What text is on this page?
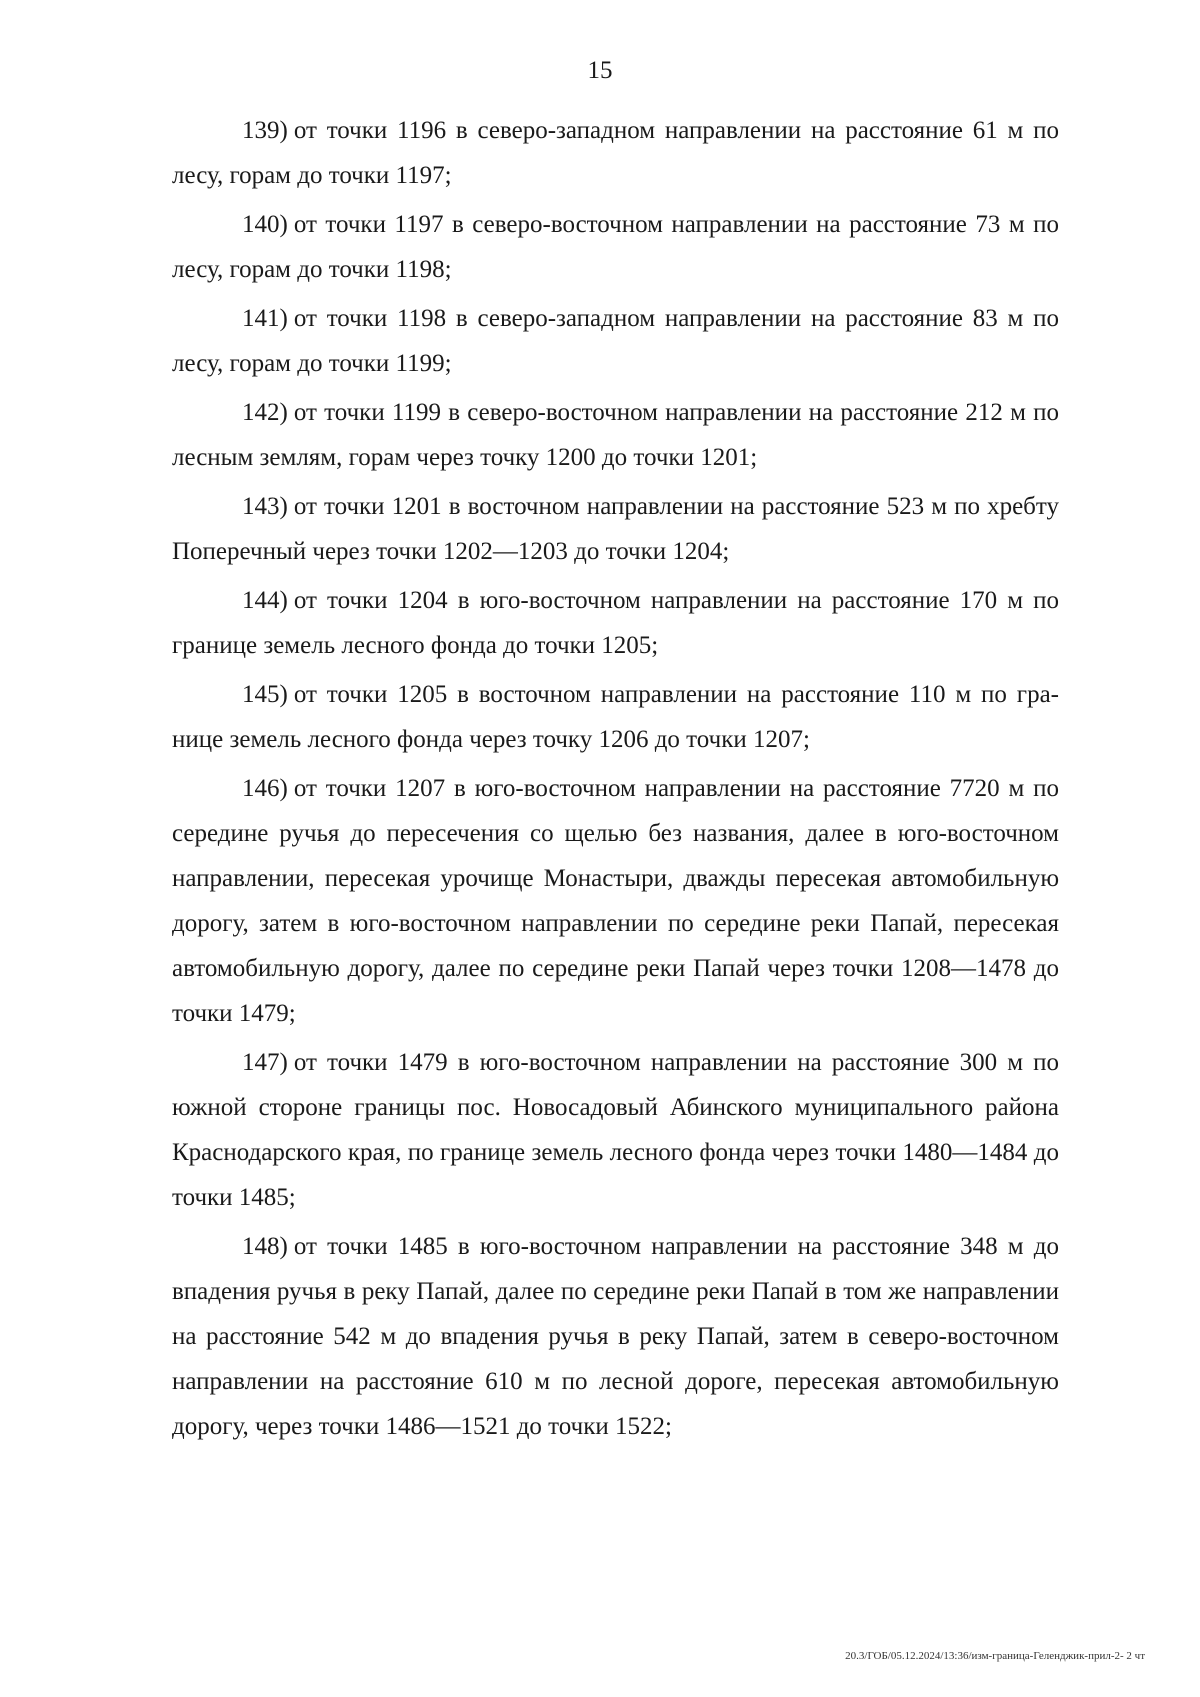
15

139) от точки 1196 в северо-западном направлении на расстояние 61 м по лесу, горам до точки 1197;

140) от точки 1197 в северо-восточном направлении на расстояние 73 м по лесу, горам до точки 1198;

141) от точки 1198 в северо-западном направлении на расстояние 83 м по лесу, горам до точки 1199;

142) от точки 1199 в северо-восточном направлении на расстояние 212 м по лесным землям, горам через точку 1200 до точки 1201;

143) от точки 1201 в восточном направлении на расстояние 523 м по хребту Поперечный через точки 1202—1203 до точки 1204;

144) от точки 1204 в юго-восточном направлении на расстояние 170 м по границе земель лесного фонда до точки 1205;

145) от точки 1205 в восточном направлении на расстояние 110 м по границе земель лесного фонда через точку 1206 до точки 1207;

146) от точки 1207 в юго-восточном направлении на расстояние 7720 м по середине ручья до пересечения со щелью без названия, далее в юго-восточном направлении, пересекая урочище Монастыри, дважды пересекая автомобильную дорогу, затем в юго-восточном направлении по середине реки Папай, пересекая автомобильную дорогу, далее по середине реки Папай через точки 1208—1478 до точки 1479;

147) от точки 1479 в юго-восточном направлении на расстояние 300 м по южной стороне границы пос. Новосадовый Абинского муниципального района Краснодарского края, по границе земель лесного фонда через точки 1480—1484 до точки 1485;

148) от точки 1485 в юго-восточном направлении на расстояние 348 м до впадения ручья в реку Папай, далее по середине реки Папай в том же направлении на расстояние 542 м до впадения ручья в реку Папай, затем в северо-восточном направлении на расстояние 610 м по лесной дороге, пересекая автомобильную дорогу, через точки 1486—1521 до точки 1522;

20.3/ГОБ/05.12.2024/13:36/изм-граница-Геленджик-прил-2- 2 чт
